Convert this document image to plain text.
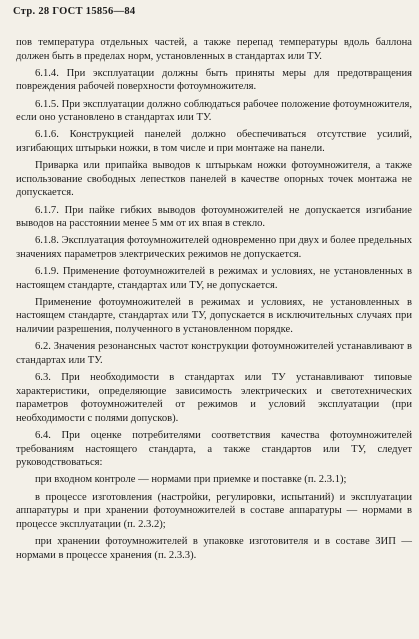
Стр. 28 ГОСТ 15856—84

пов температура отдельных частей, а также перепад температуры вдоль баллона должен быть в пределах норм, установленных в стандартах или ТУ.

6.1.4. При эксплуатации должны быть приняты меры для предотвращения повреждения рабочей поверхности фотоумножителя.

6.1.5. При эксплуатации должно соблюдаться рабочее положение фотоумножителя, если оно установлено в стандартах или ТУ.

6.1.6. Конструкцией панелей должно обеспечиваться отсутствие усилий, изгибающих штырьки ножки, в том числе и при монтаже на панели.

Приварка или припайка выводов к штырькам ножки фотоумножителя, а также использование свободных лепестков панелей в качестве опорных точек монтажа не допускается.

6.1.7. При пайке гибких выводов фотоумножителей не допускается изгибание выводов на расстоянии менее 5 мм от их впая в стекло.

6.1.8. Эксплуатация фотоумножителей одновременно при двух и более предельных значениях параметров электрических режимов не допускается.

6.1.9. Применение фотоумножителей в режимах и условиях, не установленных в настоящем стандарте, стандартах или ТУ, не допускается.

Применение фотоумножителей в режимах и условиях, не установленных в настоящем стандарте, стандартах или ТУ, допускается в исключительных случаях при наличии разрешения, полученного в установленном порядке.

6.2. Значения резонансных частот конструкции фотоумножителей устанавливают в стандартах или ТУ.

6.3. При необходимости в стандартах или ТУ устанавливают типовые характеристики, определяющие зависимость электрических и светотехнических параметров фотоумножителей от режимов и условий эксплуатации (при необходимости с полями допусков).

6.4. При оценке потребителями соответствия качества фотоумножителей требованиям настоящего стандарта, а также стандартов или ТУ, следует руководствоваться:

при входном контроле — нормами при приемке и поставке (п. 2.3.1);

в процессе изготовления (настройки, регулировки, испытаний) и эксплуатации аппаратуры и при хранении фотоумножителей в составе аппаратуры — нормами в процессе эксплуатации (п. 2.3.2);

при хранении фотоумножителей в упаковке изготовителя и в составе ЗИП — нормами в процессе хранения (п. 2.3.3).
